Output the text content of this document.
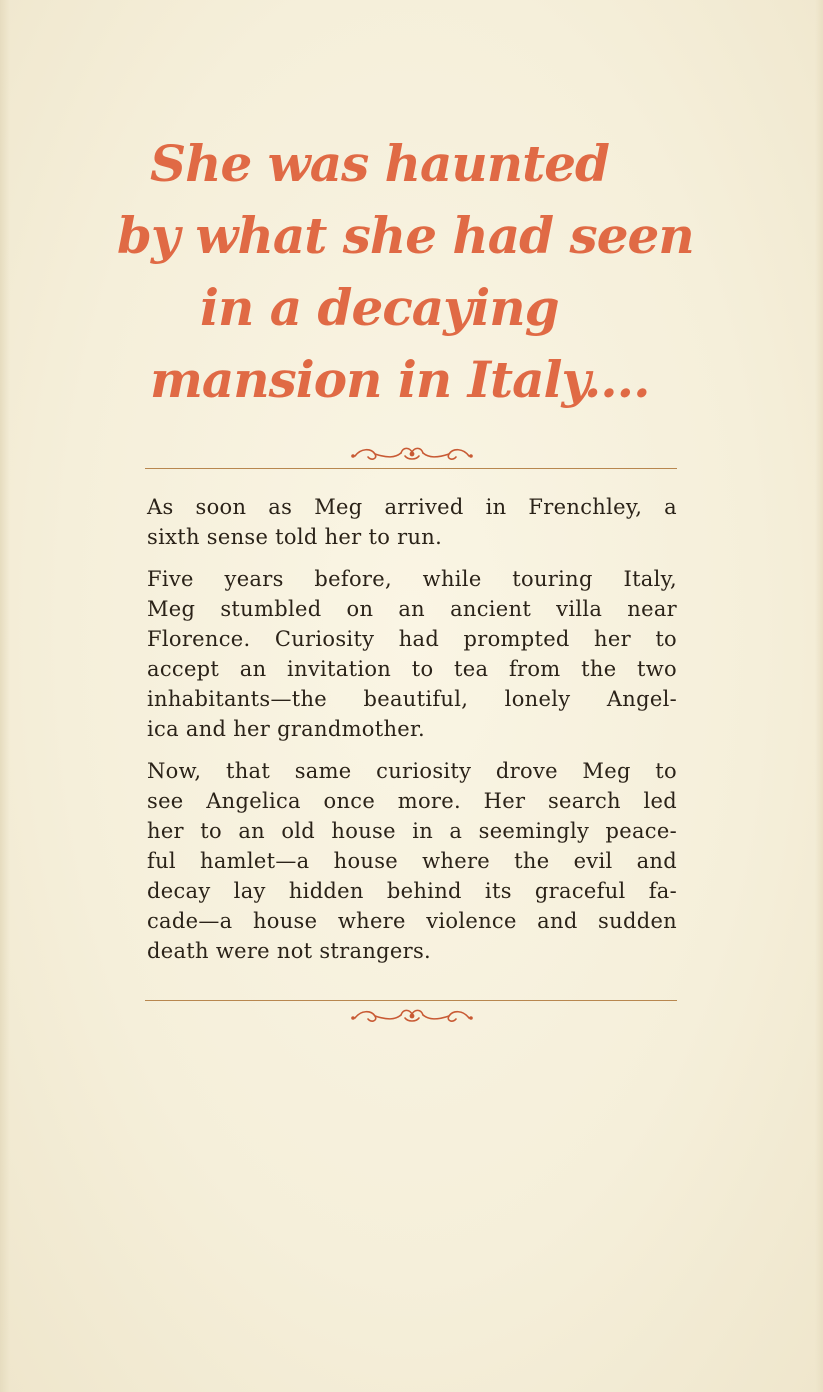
She was haunted
by what she had seen
in a decaying
mansion in Italy....
As soon as Meg arrived in Frenchley, a
sixth sense told her to run.
Five years before, while touring Italy,
Meg stumbled on an ancient villa near
Florence. Curiosity had prompted her to
accept an invitation to tea from the two
inhabitants—the beautiful, lonely Angel-
ica and her grandmother.
Now, that same curiosity drove Meg to
see Angelica once more. Her search led
her to an old house in a seemingly peace-
ful hamlet—a house where the evil and
decay lay hidden behind its graceful fa-
cade—a house where violence and sudden
death were not strangers.
